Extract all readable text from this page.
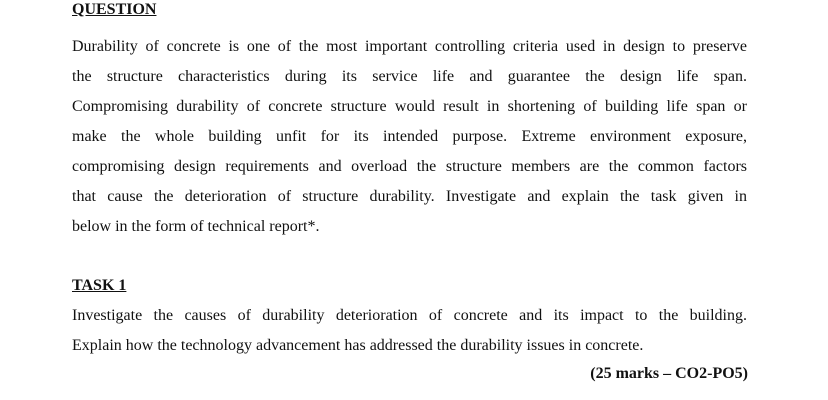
QUESTION
Durability of concrete is one of the most important controlling criteria used in design to preserve
the structure characteristics during its service life and guarantee the design life span.
Compromising durability of concrete structure would result in shortening of building life span or
make the whole building unfit for its intended purpose. Extreme environment exposure,
compromising design requirements and overload the structure members are the common factors
that cause the deterioration of structure durability. Investigate and explain the task given in
below in the form of technical report*.
TASK 1
Investigate the causes of durability deterioration of concrete and its impact to the building.
Explain how the technology advancement has addressed the durability issues in concrete.
(25 marks – CO2-PO5)
